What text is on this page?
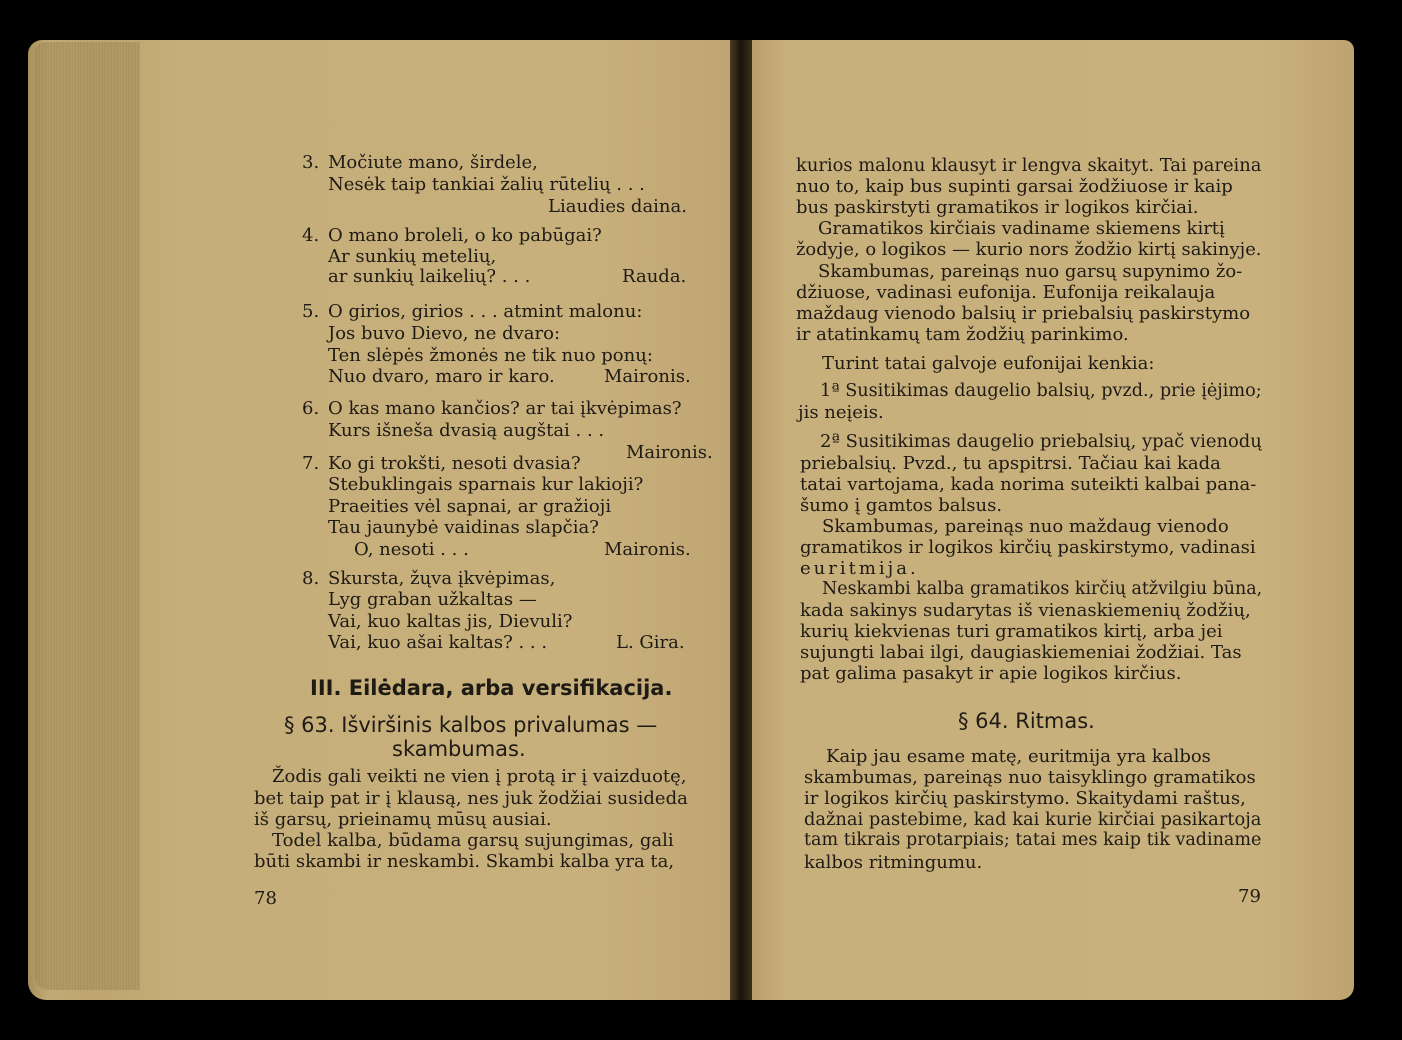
3. Močiute mano, širdele,
Nesėk taip tankiai žalių rūtelių . . .
Liaudies daina.
4. O mano broleli, o ko pabūgai?
Ar sunkių metelių,
ar sunkių laikelių? . . .	Rauda.
5. O girios, girios . . . atmint malonu:
Jos buvo Dievo, ne dvaro:
Ten slėpės žmonės ne tik nuo ponų:
Nuo dvaro, maro ir karo.	Maironis.
6. O kas mano kančios? ar tai įkvėpimas?
Kurs išneša dvasią augštai . . .
Maironis.
7. Ko gi trokšti, nesoti dvasia?
Stebuklingais sparnais kur lakioji?
Praeities vėl sapnai, ar gražioji
Tau jaunybė vaidinas slapčia?
O, nesoti . . .	Maironis.
8. Skursta, žųva įkvėpimas,
Lyg graban užkaltas —
Vai, kuo kaltas jis, Dievuli?
Vai, kuo ašai kaltas? . . .	L. Gira.
III. Eilėdara, arba versifikacija.
§ 63. Išviršinis kalbos privalumas —
skambumas.
Žodis gali veikti ne vien į protą ir į vaizduotę,
bet taip pat ir į klausą, nes juk žodžiai susideda
iš garsų, prieinamų mūsų ausiai.
Todel kalba, būdama garsų sujungimas, gali
būti skambi ir neskambi. Skambi kalba yra ta,
78
kurios malonu klausyt ir lengva skaityt. Tai pareina
nuo to, kaip bus supinti garsai žodžiuose ir kaip
bus paskirstyti gramatikos ir logikos kirčiai.
Gramatikos kirčiais vadiname skiemens kirtį
žodyje, o logikos — kurio nors žodžio kirtį sakinyje.
Skambumas, pareinąs nuo garsų supynimo žo-
džiuose, vadinasi eufonija. Eufonija reikalauja
maždaug vienodo balsių ir priebalsių paskirstymo
ir atatinkamų tam žodžių parinkimo.
Turint tatai galvoje eufonijai kenkia:
1ª Susitikimas daugelio balsių, pvzd., prie įėjimo;
jis neįeis.
2ª Susitikimas daugelio priebalsių, ypač vienodų
priebalsių. Pvzd., tu apspitrsi. Tačiau kai kada
tatai vartojama, kada norima suteikti kalbai pana-
šumo į gamtos balsus.
Skambumas, pareinąs nuo maždaug vienodo
gramatikos ir logikos kirčių paskirstymo, vadinasi
euritmija.
Neskambi kalba gramatikos kirčių atžvilgiu būna,
kada sakinys sudarytas iš vienaskiemenių žodžių,
kurių kiekvienas turi gramatikos kirtį, arba jei
sujungti labai ilgi, daugiaskiemeniai žodžiai. Tas
pat galima pasakyt ir apie logikos kirčius.
§ 64. Ritmas.
Kaip jau esame matę, euritmija yra kalbos
skambumas, pareinąs nuo taisyklingo gramatikos
ir logikos kirčių paskirstymo. Skaitydami raštus,
dažnai pastebime, kad kai kurie kirčiai pasikartoja
tam tikrais protarpiais; tatai mes kaip tik vadiname
kalbos ritmingumu.
79
